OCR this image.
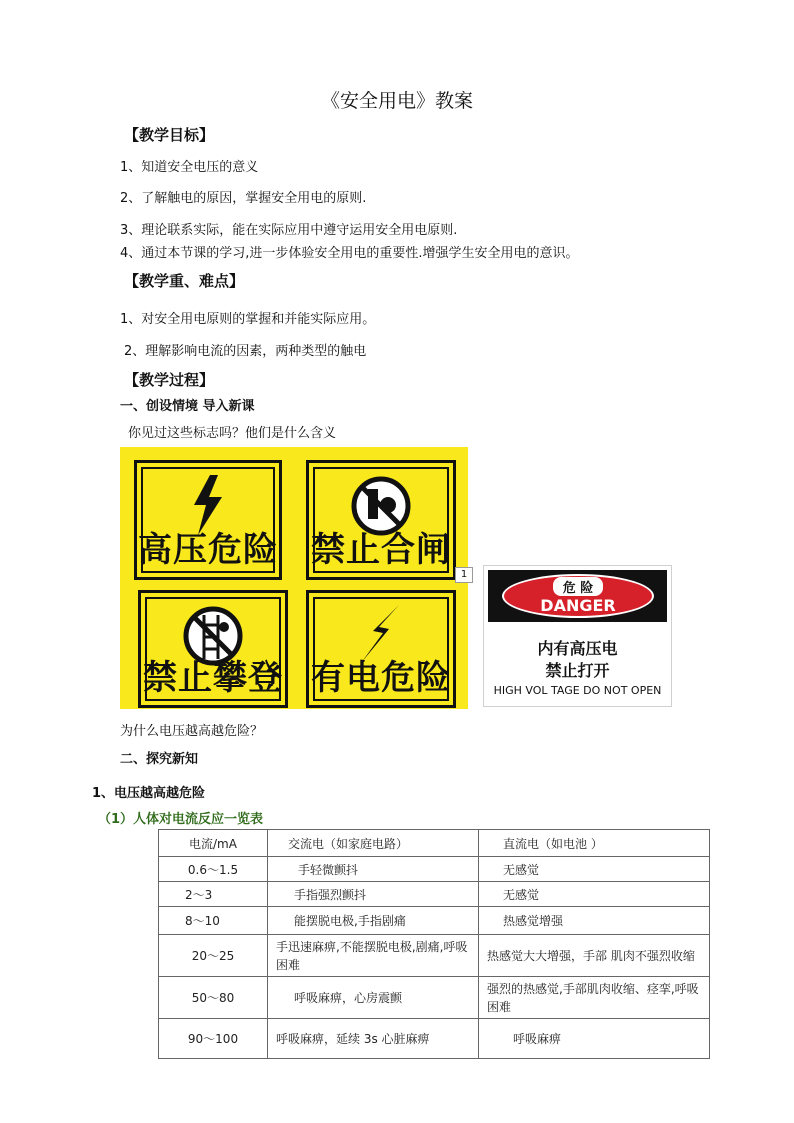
《安全用电》教案
【教学目标】
1、知道安全电压的意义
2、了解触电的原因，掌握安全用电的原则.
3、理论联系实际，能在实际应用中遵守运用安全用电原则.
4、通过本节课的学习,进一步体验安全用电的重要性.增强学生安全用电的意识。
【教学重、难点】
1、对安全用电原则的掌握和并能实际应用。
2、理解影响电流的因素，两种类型的触电
【教学过程】
一、创设情境 导入新课
你见过这些标志吗？他们是什么含义
高压危险 禁止合闸
禁止攀登 有电危险
1
危 险
DANGER
内有高压电
禁止打开
HIGH VOL TAGE DO NOT OPEN
为什么电压越高越危险？
二、探究新知
1、电压越高越危险
（1）人体对电流反应一览表
电流/mA	交流电（如家庭电路）	直流电（如电池 ）
0.6～1.5	手轻微颤抖	无感觉
2～3	手指强烈颤抖	无感觉
8～10	能摆脱电极,手指剧痛	热感觉增强
20～25	手迅速麻痹,不能摆脱电极,剧痛,呼吸困难	热感觉大大增强，手部 肌肉不强烈收缩
50～80	呼吸麻痹，心房震颤	强烈的热感觉,手部肌肉收缩、痉挛,呼吸困难
90～100	呼吸麻痹，延续 3s 心脏麻痹	呼吸麻痹
